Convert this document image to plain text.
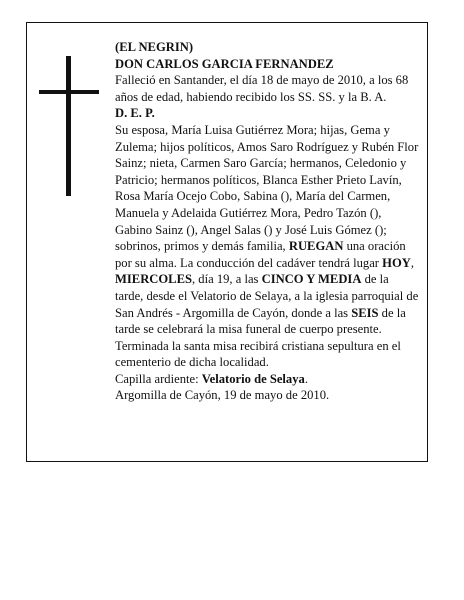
(EL NEGRIN)

DON CARLOS GARCIA FERNANDEZ

Falleció en Santander, el día 18 de mayo de 2010, a los 68 años de edad, habiendo recibido los SS. SS. y la B. A.

D. E. P.

Su esposa, María Luisa Gutiérrez Mora; hijas, Gema y Zulema; hijos políticos, Amos Saro Rodríguez y Rubén Flor Sainz; nieta, Carmen Saro García; hermanos, Celedonio y Patricio; hermanos políticos, Blanca Esther Prieto Lavín, Rosa María Ocejo Cobo, Sabina (), María del Carmen, Manuela y Adelaida Gutiérrez Mora, Pedro Tazón (), Gabino Sainz (), Angel Salas () y José Luis Gómez (); sobrinos, primos y demás familia, RUEGAN una oración por su alma. La conducción del cadáver tendrá lugar HOY, MIERCOLES, día 19, a las CINCO Y MEDIA de la tarde, desde el Velatorio de Selaya, a la iglesia parroquial de San Andrés - Argomilla de Cayón, donde a las SEIS de la tarde se celebrará la misa funeral de cuerpo presente. Terminada la santa misa recibirá cristiana sepultura en el cementerio de dicha localidad.

Capilla ardiente: Velatorio de Selaya.

Argomilla de Cayón, 19 de mayo de 2010.
